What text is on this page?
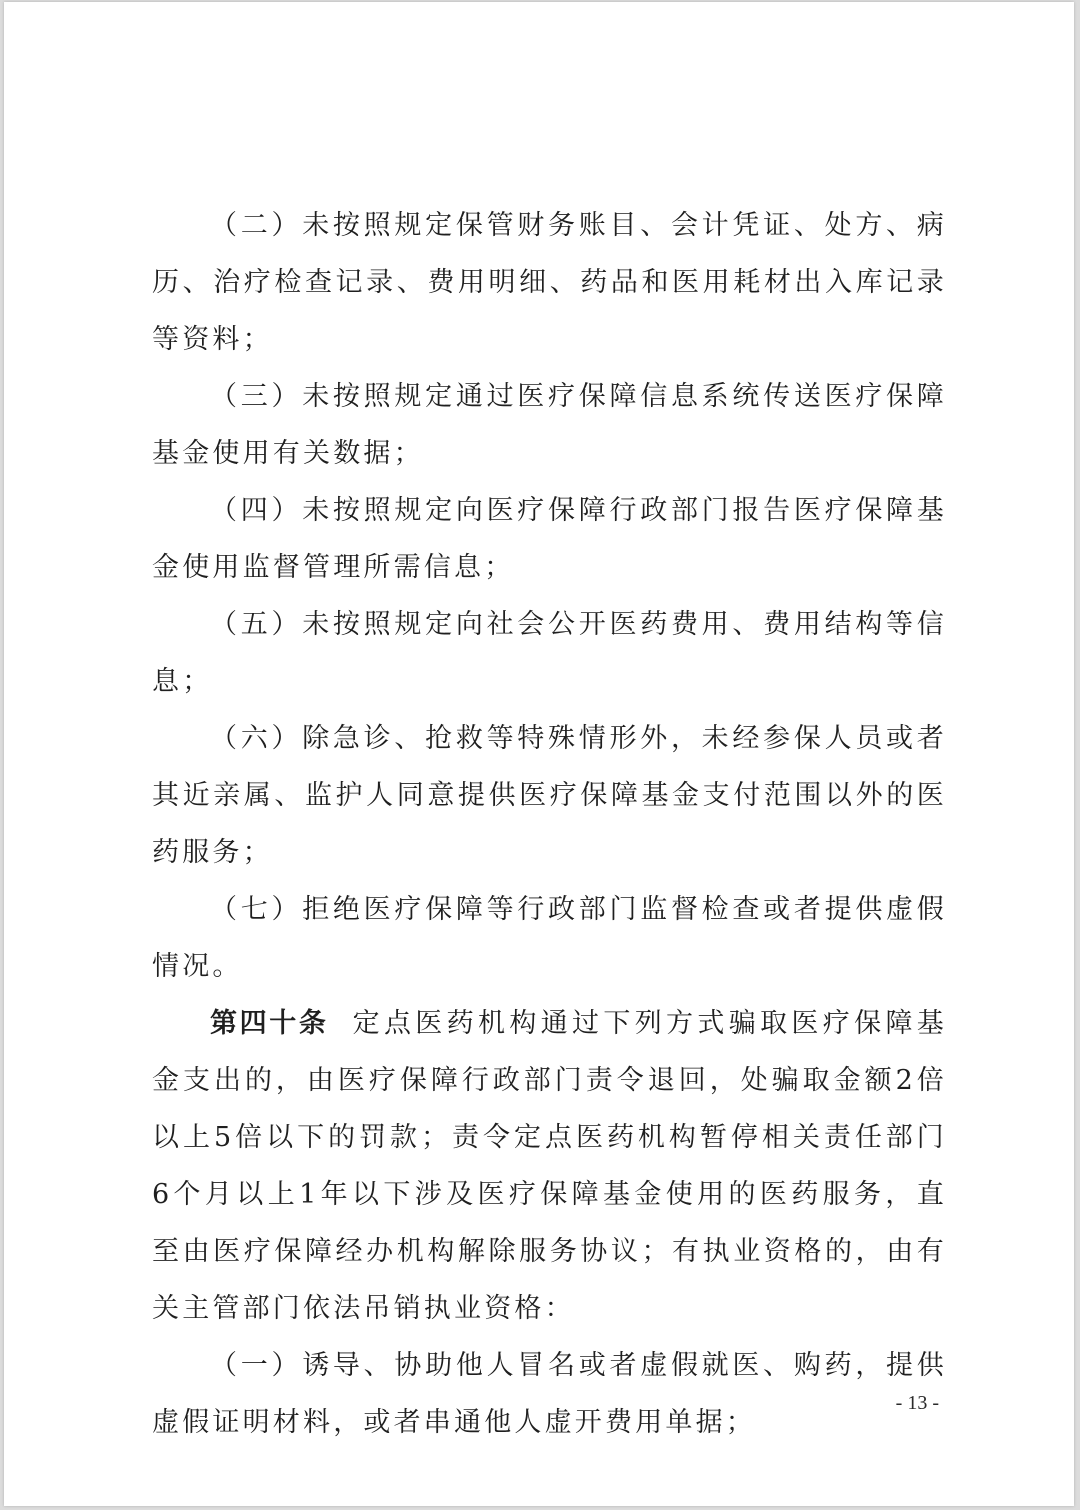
（二）未按照规定保管财务账目、会计凭证、处方、病历、治疗检查记录、费用明细、药品和医用耗材出入库记录等资料；

（三）未按照规定通过医疗保障信息系统传送医疗保障基金使用有关数据；

（四）未按照规定向医疗保障行政部门报告医疗保障基金使用监督管理所需信息；

（五）未按照规定向社会公开医药费用、费用结构等信息；

（六）除急诊、抢救等特殊情形外，未经参保人员或者其近亲属、监护人同意提供医疗保障基金支付范围以外的医药服务；

（七）拒绝医疗保障等行政部门监督检查或者提供虚假情况。

第四十条 定点医药机构通过下列方式骗取医疗保障基金支出的，由医疗保障行政部门责令退回，处骗取金额2倍以上5倍以下的罚款；责令定点医药机构暂停相关责任部门6个月以上1年以下涉及医疗保障基金使用的医药服务，直至由医疗保障经办机构解除服务协议；有执业资格的，由有关主管部门依法吊销执业资格：

（一）诱导、协助他人冒名或者虚假就医、购药，提供虚假证明材料，或者串通他人虚开费用单据；

- 13 -
